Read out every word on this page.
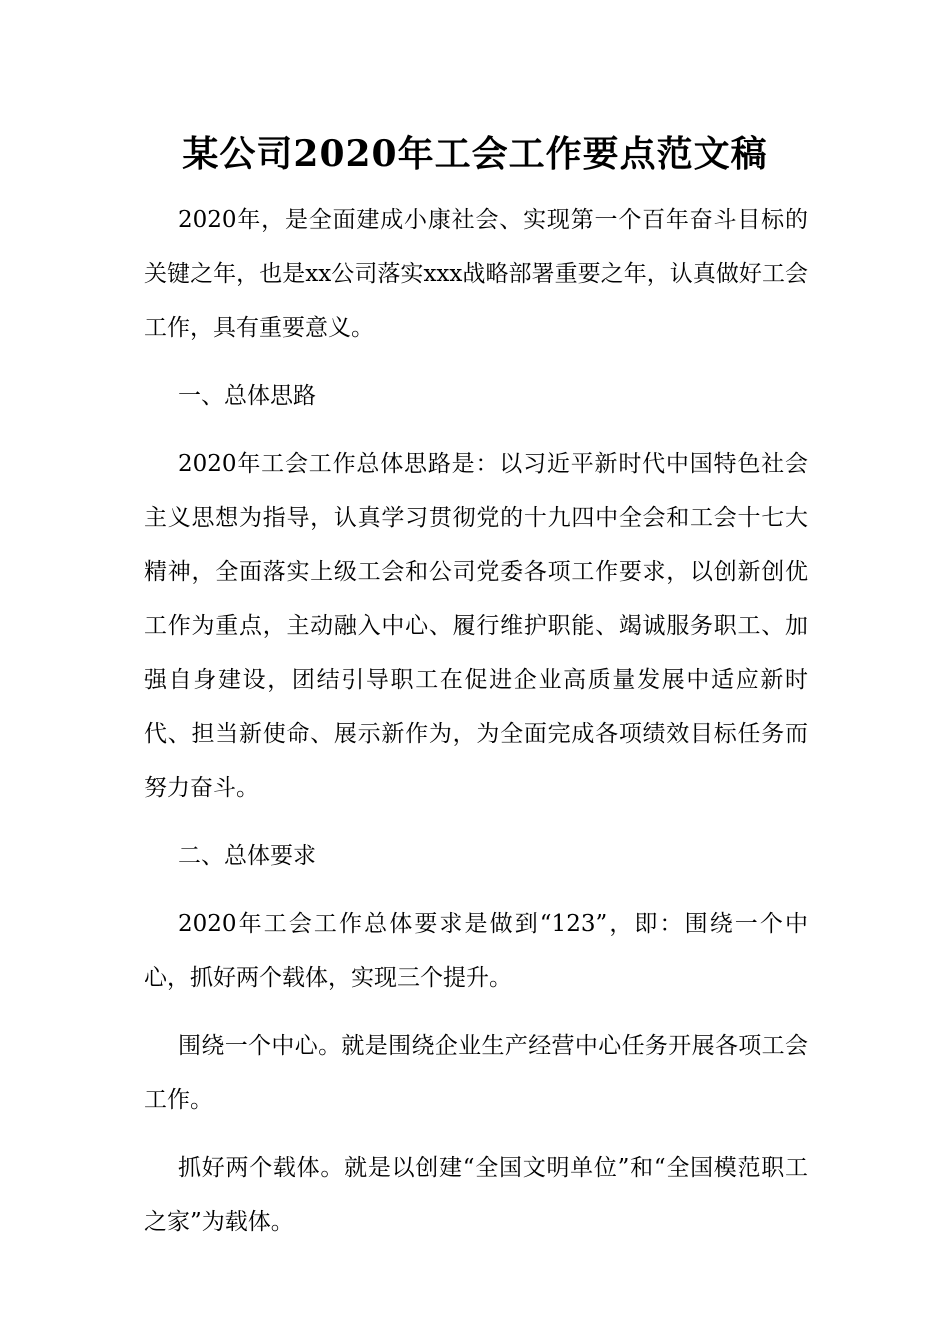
某公司2020年工会工作要点范文稿

2020年，是全面建成小康社会、实现第一个百年奋斗目标的关键之年，也是xx公司落实xxx战略部署重要之年，认真做好工会工作，具有重要意义。

一、总体思路

2020年工会工作总体思路是：以习近平新时代中国特色社会主义思想为指导，认真学习贯彻党的十九四中全会和工会十七大精神，全面落实上级工会和公司党委各项工作要求，以创新创优工作为重点，主动融入中心、履行维护职能、竭诚服务职工、加强自身建设，团结引导职工在促进企业高质量发展中适应新时代、担当新使命、展示新作为，为全面完成各项绩效目标任务而努力奋斗。

二、总体要求

2020年工会工作总体要求是做到“123”，即：围绕一个中心，抓好两个载体，实现三个提升。

围绕一个中心。就是围绕企业生产经营中心任务开展各项工会工作。

抓好两个载体。就是以创建“全国文明单位”和“全国模范职工之家”为载体。
